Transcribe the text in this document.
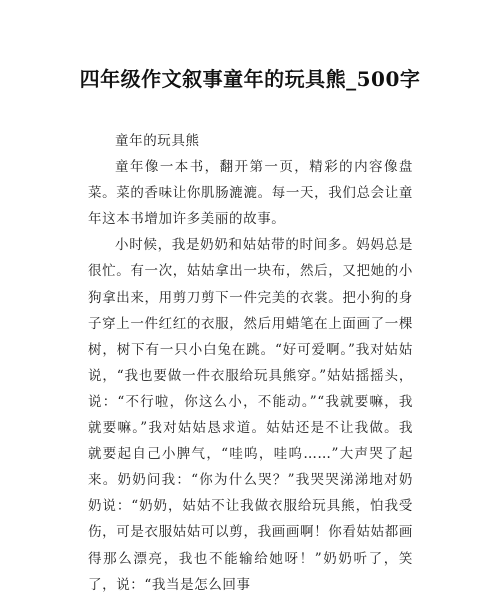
四年级作文叙事童年的玩具熊_500字

童年的玩具熊

童年像一本书，翻开第一页，精彩的内容像盘菜。菜的香味让你肌肠漉漉。每一天，我们总会让童年这本书增加许多美丽的故事。

小时候，我是奶奶和姑姑带的时间多。妈妈总是很忙。有一次，姑姑拿出一块布，然后，又把她的小狗拿出来，用剪刀剪下一件完美的衣裳。把小狗的身子穿上一件红红的衣服，然后用蜡笔在上面画了一棵树，树下有一只小白兔在跳。“好可爱啊。”我对姑姑说，“我也要做一件衣服给玩具熊穿。”姑姑摇摇头，说：“不行啦，你这么小，不能动。”“我就要嘛，我就要嘛。”我对姑姑恳求道。姑姑还是不让我做。我就要起自己小脾气，“哇呜，哇呜……”大声哭了起来。奶奶问我：“你为什么哭？”我哭哭涕涕地对奶奶说：“奶奶，姑姑不让我做衣服给玩具熊，怕我受伤，可是衣服姑姑可以剪，我画画啊！你看姑姑都画得那么漂亮，我也不能输给她呀！”奶奶听了，笑了，说：“我当是怎么回事
